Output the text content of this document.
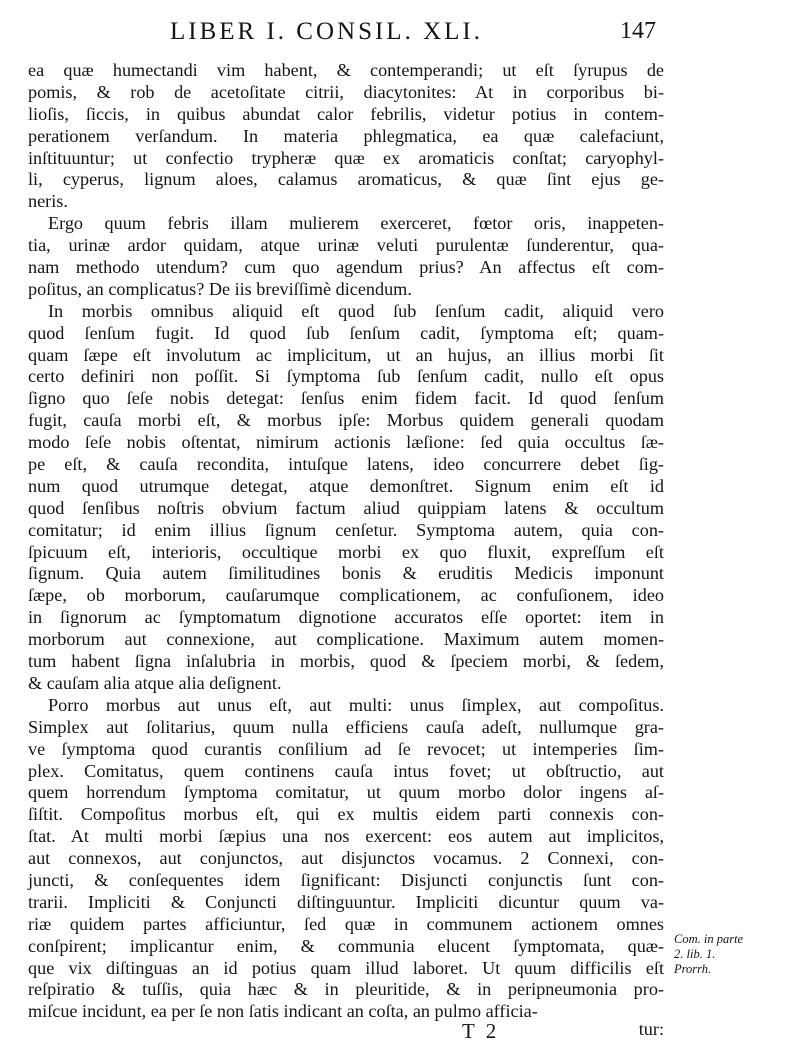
LIBER I. CONSIL. XLI.	147
ea quæ humectandi vim habent, & contemperandi; ut eſt ſyrupus de
pomis, & rob de acetoſitate citrii, diacytonites: At in corporibus bi-
lioſis, ſiccis, in quibus abundat calor febrilis, videtur potius in contem-
perationem verſandum. In materia phlegmatica, ea quæ calefaciunt,
inſtituuntur; ut confectio trypheræ quæ ex aromaticis conſtat; caryophyl-
li, cyperus, lignum aloes, calamus aromaticus, & quæ ſint ejus ge-
neris.
Ergo quum febris illam mulierem exerceret, fœtor oris, inappeten-
tia, urinæ ardor quidam, atque urinæ veluti purulentæ ſunderentur, qua-
nam methodo utendum? cum quo agendum prius? An affectus eſt com-
poſitus, an complicatus? De iis breviſſimè dicendum.
In morbis omnibus aliquid eſt quod ſub ſenſum cadit, aliquid vero
quod ſenſum fugit. Id quod ſub ſenſum cadit, ſymptoma eſt; quam-
quam ſæpe eſt involutum ac implicitum, ut an hujus, an illius morbi ſit
certo definiri non poſſit. Si ſymptoma ſub ſenſum cadit, nullo eſt opus
ſigno quo ſeſe nobis detegat: ſenſus enim fidem facit. Id quod ſenſum
fugit, cauſa morbi eſt, & morbus ipſe: Morbus quidem generali quodam
modo ſeſe nobis oſtentat, nimirum actionis læſione: ſed quia occultus ſæ-
pe eſt, & cauſa recondita, intuſque latens, ideo concurrere debet ſig-
num quod utrumque detegat, atque demonſtret. Signum enim eſt id
quod ſenſibus noſtris obvium factum aliud quippiam latens & occultum
comitatur; id enim illius ſignum cenſetur. Symptoma autem, quia con-
ſpicuum eſt, interioris, occultique morbi ex quo fluxit, expreſſum eſt
ſignum. Quia autem ſimilitudines bonis & eruditis Medicis imponunt
ſæpe, ob morborum, cauſarumque complicationem, ac confuſionem, ideo
in ſignorum ac ſymptomatum dignotione accuratos eſſe oportet: item in
morborum aut connexione, aut complicatione. Maximum autem momen-
tum habent ſigna inſalubria in morbis, quod & ſpeciem morbi, & ſedem,
& cauſam alia atque alia deſignent.
Porro morbus aut unus eſt, aut multi: unus ſimplex, aut compoſitus.
Simplex aut ſolitarius, quum nulla efficiens cauſa adeſt, nullumque gra-
ve ſymptoma quod curantis conſilium ad ſe revocet; ut intemperies ſim-
plex. Comitatus, quem continens cauſa intus fovet; ut obſtructio, aut
quem horrendum ſymptoma comitatur, ut quum morbo dolor ingens aſ-
ſiſtit. Compoſitus morbus eſt, qui ex multis eidem parti connexis con-
ſtat. At multi morbi ſæpius una nos exercent: eos autem aut implicitos,
aut connexos, aut conjunctos, aut disjunctos vocamus. 2 Connexi, con-
juncti, & conſequentes idem ſignificant: Disjuncti conjunctis ſunt con-
trarii. Impliciti & Conjuncti diſtinguuntur. Impliciti dicuntur quum va-
riæ quidem partes afficiuntur, ſed quæ in communem actionem omnes
conſpirent; implicantur enim, & communia elucent ſymptomata, quæ-
que vix diſtinguas an id potius quam illud laboret. Ut quum difficilis eſt
reſpiratio & tuſſis, quia hæc & in pleuritide, & in peripneumonia pro-
miſcue incidunt, ea per ſe non ſatis indicant an coſta, an pulmo afficia-
T 2	tur:
Com. in parte
2. lib. 1.
Prorrh.
